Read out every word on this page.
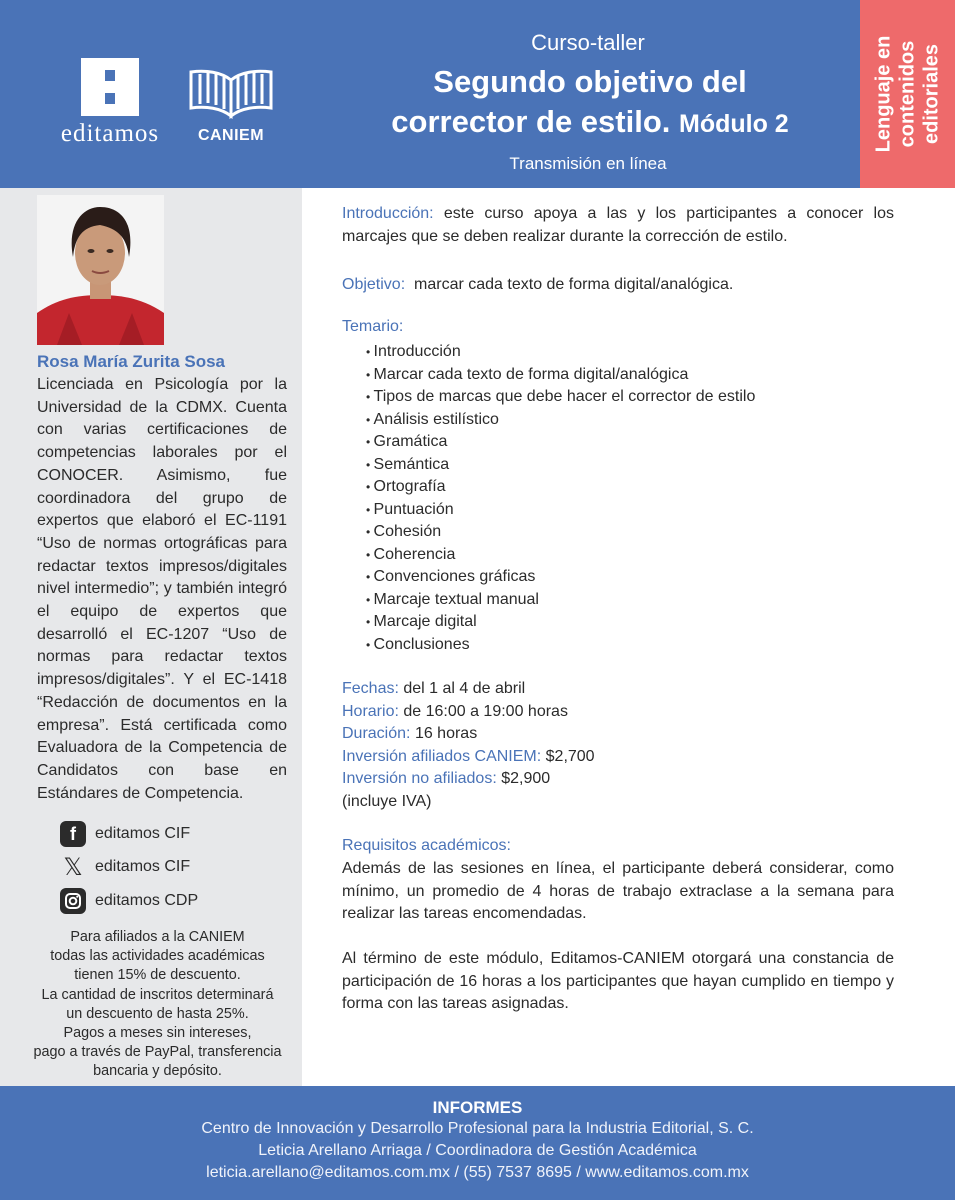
editamos	CANIEM
Curso-taller
Segundo objetivo del
corrector de estilo. Módulo 2
Transmisión en línea
Lenguaje en contenidos editoriales
Rosa María Zurita Sosa
Licenciada en Psicología por la Universidad de la CDMX. Cuenta con varias certificaciones de competencias laborales por el CONOCER. Asimismo, fue coordinadora del grupo de expertos que elaboró el EC-1191 “Uso de normas ortográficas para redactar textos impresos/digitales nivel intermedio”; y también integró el equipo de expertos que desarrolló el EC-1207 “Uso de normas para redactar textos impresos/digitales”. Y el EC-1418 “Redacción de documentos en la empresa”. Está certificada como Evaluadora de la Competencia de Candidatos con base en Estándares de Competencia.
f	editamos CIF
𝕏 editamos CIF
editamos CDP
Para afiliados a la CANIEM
todas las actividades académicas
tienen 15% de descuento.
La cantidad de inscritos determinará
un descuento de hasta 25%.
Pagos a meses sin intereses,
pago a través de PayPal, transferencia
bancaria y depósito.
Introducción: este curso apoya a las y los participantes a conocer los marcajes que se deben realizar durante la corrección de estilo.
Objetivo: marcar cada texto de forma digital/analógica.
Temario:
• Introducción
• Marcar cada texto de forma digital/analógica
• Tipos de marcas que debe hacer el corrector de estilo
• Análisis estilístico
• Gramática
• Semántica
• Ortografía
• Puntuación
• Cohesión
• Coherencia
• Convenciones gráficas
• Marcaje textual manual
• Marcaje digital
• Conclusiones
Fechas: del 1 al 4 de abril
Horario: de 16:00 a 19:00 horas
Duración: 16 horas
Inversión afiliados CANIEM: $2,700
Inversión no afiliados: $2,900
(incluye IVA)
Requisitos académicos:
Además de las sesiones en línea, el participante deberá considerar, como mínimo, un promedio de 4 horas de trabajo extraclase a la semana para realizar las tareas encomendadas.
Al término de este módulo, Editamos-CANIEM otorgará una constancia de participación de 16 horas a los participantes que hayan cumplido en tiempo y forma con las tareas asignadas.
INFORMES
Centro de Innovación y Desarrollo Profesional para la Industria Editorial, S. C.
Leticia Arellano Arriaga / Coordinadora de Gestión Académica
leticia.arellano@editamos.com.mx / (55) 7537 8695 / www.editamos.com.mx
